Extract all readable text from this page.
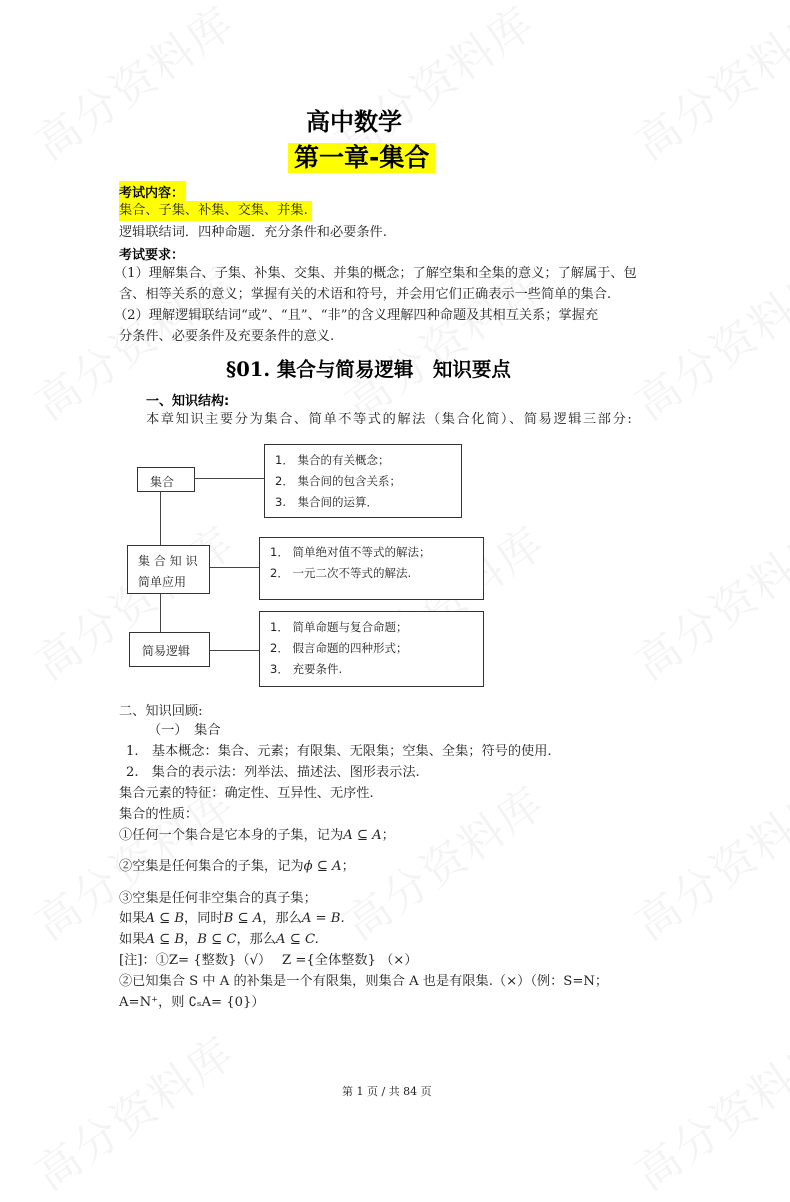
高中数学
第一章-集合
考试内容：
集合、子集、补集、交集、并集.
逻辑联结词．四种命题．充分条件和必要条件.
考试要求：
（1）理解集合、子集、补集、交集、并集的概念；了解空集和全集的意义；了解属于、包
含、相等关系的意义；掌握有关的术语和符号，并会用它们正确表示一些简单的集合.
（2）理解逻辑联结词“或”、“且”、“非”的含义理解四种命题及其相互关系；掌握充
分条件、必要条件及充要条件的意义.
§01. 集合与简易逻辑　知识要点
一、知识结构:
本章知识主要分为集合、简单不等式的解法（集合化简）、简易逻辑三部分:
集合
集 合 知 识
简单应用
简易逻辑
1． 集合的有关概念；
2． 集合间的包含关系；
3.　集合间的运算．
1． 简单绝对值不等式的解法；
2． 一元二次不等式的解法.
1． 简单命题与复合命题；
2． 假言命题的四种形式；
3． 充要条件.
二、知识回顾:
（一）　集合
1.　基本概念：集合、元素；有限集、无限集；空集、全集；符号的使用.
2.　集合的表示法：列举法、描述法、图形表示法.
集合元素的特征：确定性、互异性、无序性.
集合的性质：
①任何一个集合是它本身的子集，记为A ⊆ A；
②空集是任何集合的子集，记为ϕ ⊆ A；
③空集是任何非空集合的真子集；
如果A ⊆ B，同时B ⊆ A，那么A = B.
如果A ⊆ B，B ⊆ C，那么A ⊆ C.
[注]：①Z= {整数}（√）　 Z ={全体整数} （×）
②已知集合 S 中 A 的补集是一个有限集，则集合 A 也是有限集.（×）（例：S=N；
A=N⁺，则 ∁ₛA= {0}）
第 1 页 / 共 84 页
